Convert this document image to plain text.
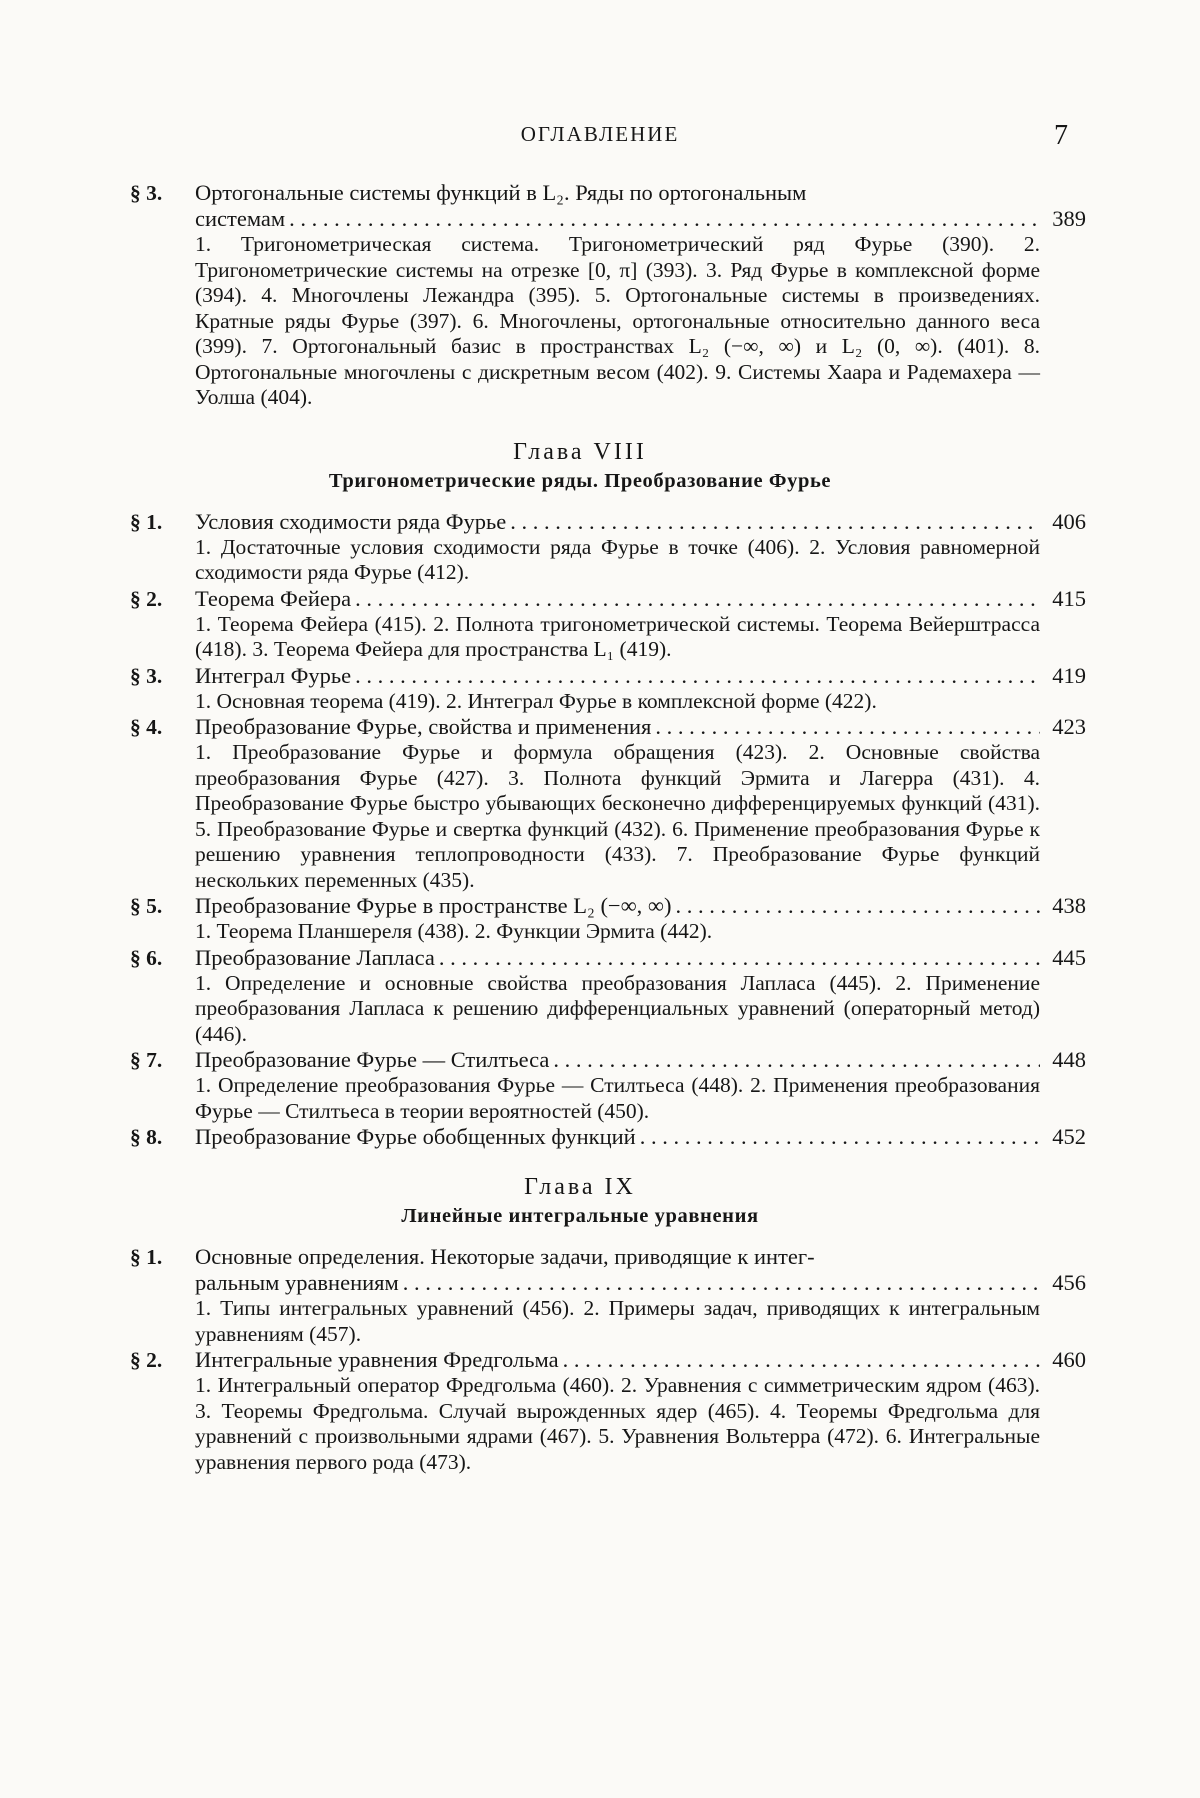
ОГЛАВЛЕНИЕ	7
§ 3.	Ортогональные системы функций в L₂. Ряды по ортогональным
системам . . .	389
1. Тригонометрическая система. Тригонометрический ряд Фурье (390). 2. Тригонометрические системы на отрезке [0, π] (393). 3. Ряд Фурье в комплексной форме (394). 4. Многочлены Лежандра (395). 5. Ортогональные системы в произведениях. Кратные ряды Фурье (397). 6. Многочлены, ортогональные относительно данного веса (399). 7. Ортогональный базис в пространствах L₂ (−∞, ∞) и L₂ (0, ∞). (401). 8. Ортогональные многочлены с дискретным весом (402). 9. Системы Хаара и Радемахера — Уолша (404).
Глава VIII
Тригонометрические ряды. Преобразование Фурье
§ 1.	Условия сходимости ряда Фурье . . .	406
1. Достаточные условия сходимости ряда Фурье в точке (406). 2. Условия равномерной сходимости ряда Фурье (412).
§ 2.	Теорема Фейера . . .	415
1. Теорема Фейера (415). 2. Полнота тригонометрической системы. Теорема Вейерштрасса (418). 3. Теорема Фейера для пространства L₁ (419).
§ 3.	Интеграл Фурье . . .	419
1. Основная теорема (419). 2. Интеграл Фурье в комплексной форме (422).
§ 4.	Преобразование Фурье, свойства и применения . . .	423
1. Преобразование Фурье и формула обращения (423). 2. Основные свойства преобразования Фурье (427). 3. Полнота функций Эрмита и Лагерра (431). 4. Преобразование Фурье быстро убывающих бесконечно дифференцируемых функций (431). 5. Преобразование Фурье и свертка функций (432). 6. Применение преобразования Фурье к решению уравнения теплопроводности (433). 7. Преобразование Фурье функций нескольких переменных (435).
§ 5.	Преобразование Фурье в пространстве L₂ (−∞, ∞) . . .	438
1. Теорема Планшереля (438). 2. Функции Эрмита (442).
§ 6.	Преобразование Лапласа . . .	445
1. Определение и основные свойства преобразования Лапласа (445). 2. Применение преобразования Лапласа к решению дифференциальных уравнений (операторный метод) (446).
§ 7.	Преобразование Фурье — Стилтьеса . . .	448
1. Определение преобразования Фурье — Стилтьеса (448). 2. Применения преобразования Фурье — Стилтьеса в теории вероятностей (450).
§ 8.	Преобразование Фурье обобщенных функций . . .	452
Глава IX
Линейные интегральные уравнения
§ 1.	Основные определения. Некоторые задачи, приводящие к интег-
ральным уравнениям . . .	456
1. Типы интегральных уравнений (456). 2. Примеры задач, приводящих к интегральным уравнениям (457).
§ 2.	Интегральные уравнения Фредгольма . . .	460
1. Интегральный оператор Фредгольма (460). 2. Уравнения с симметрическим ядром (463). 3. Теоремы Фредгольма. Случай вырожденных ядер (465). 4. Теоремы Фредгольма для уравнений с произвольными ядрами (467). 5. Уравнения Вольтерра (472). 6. Интегральные уравнения первого рода (473).
